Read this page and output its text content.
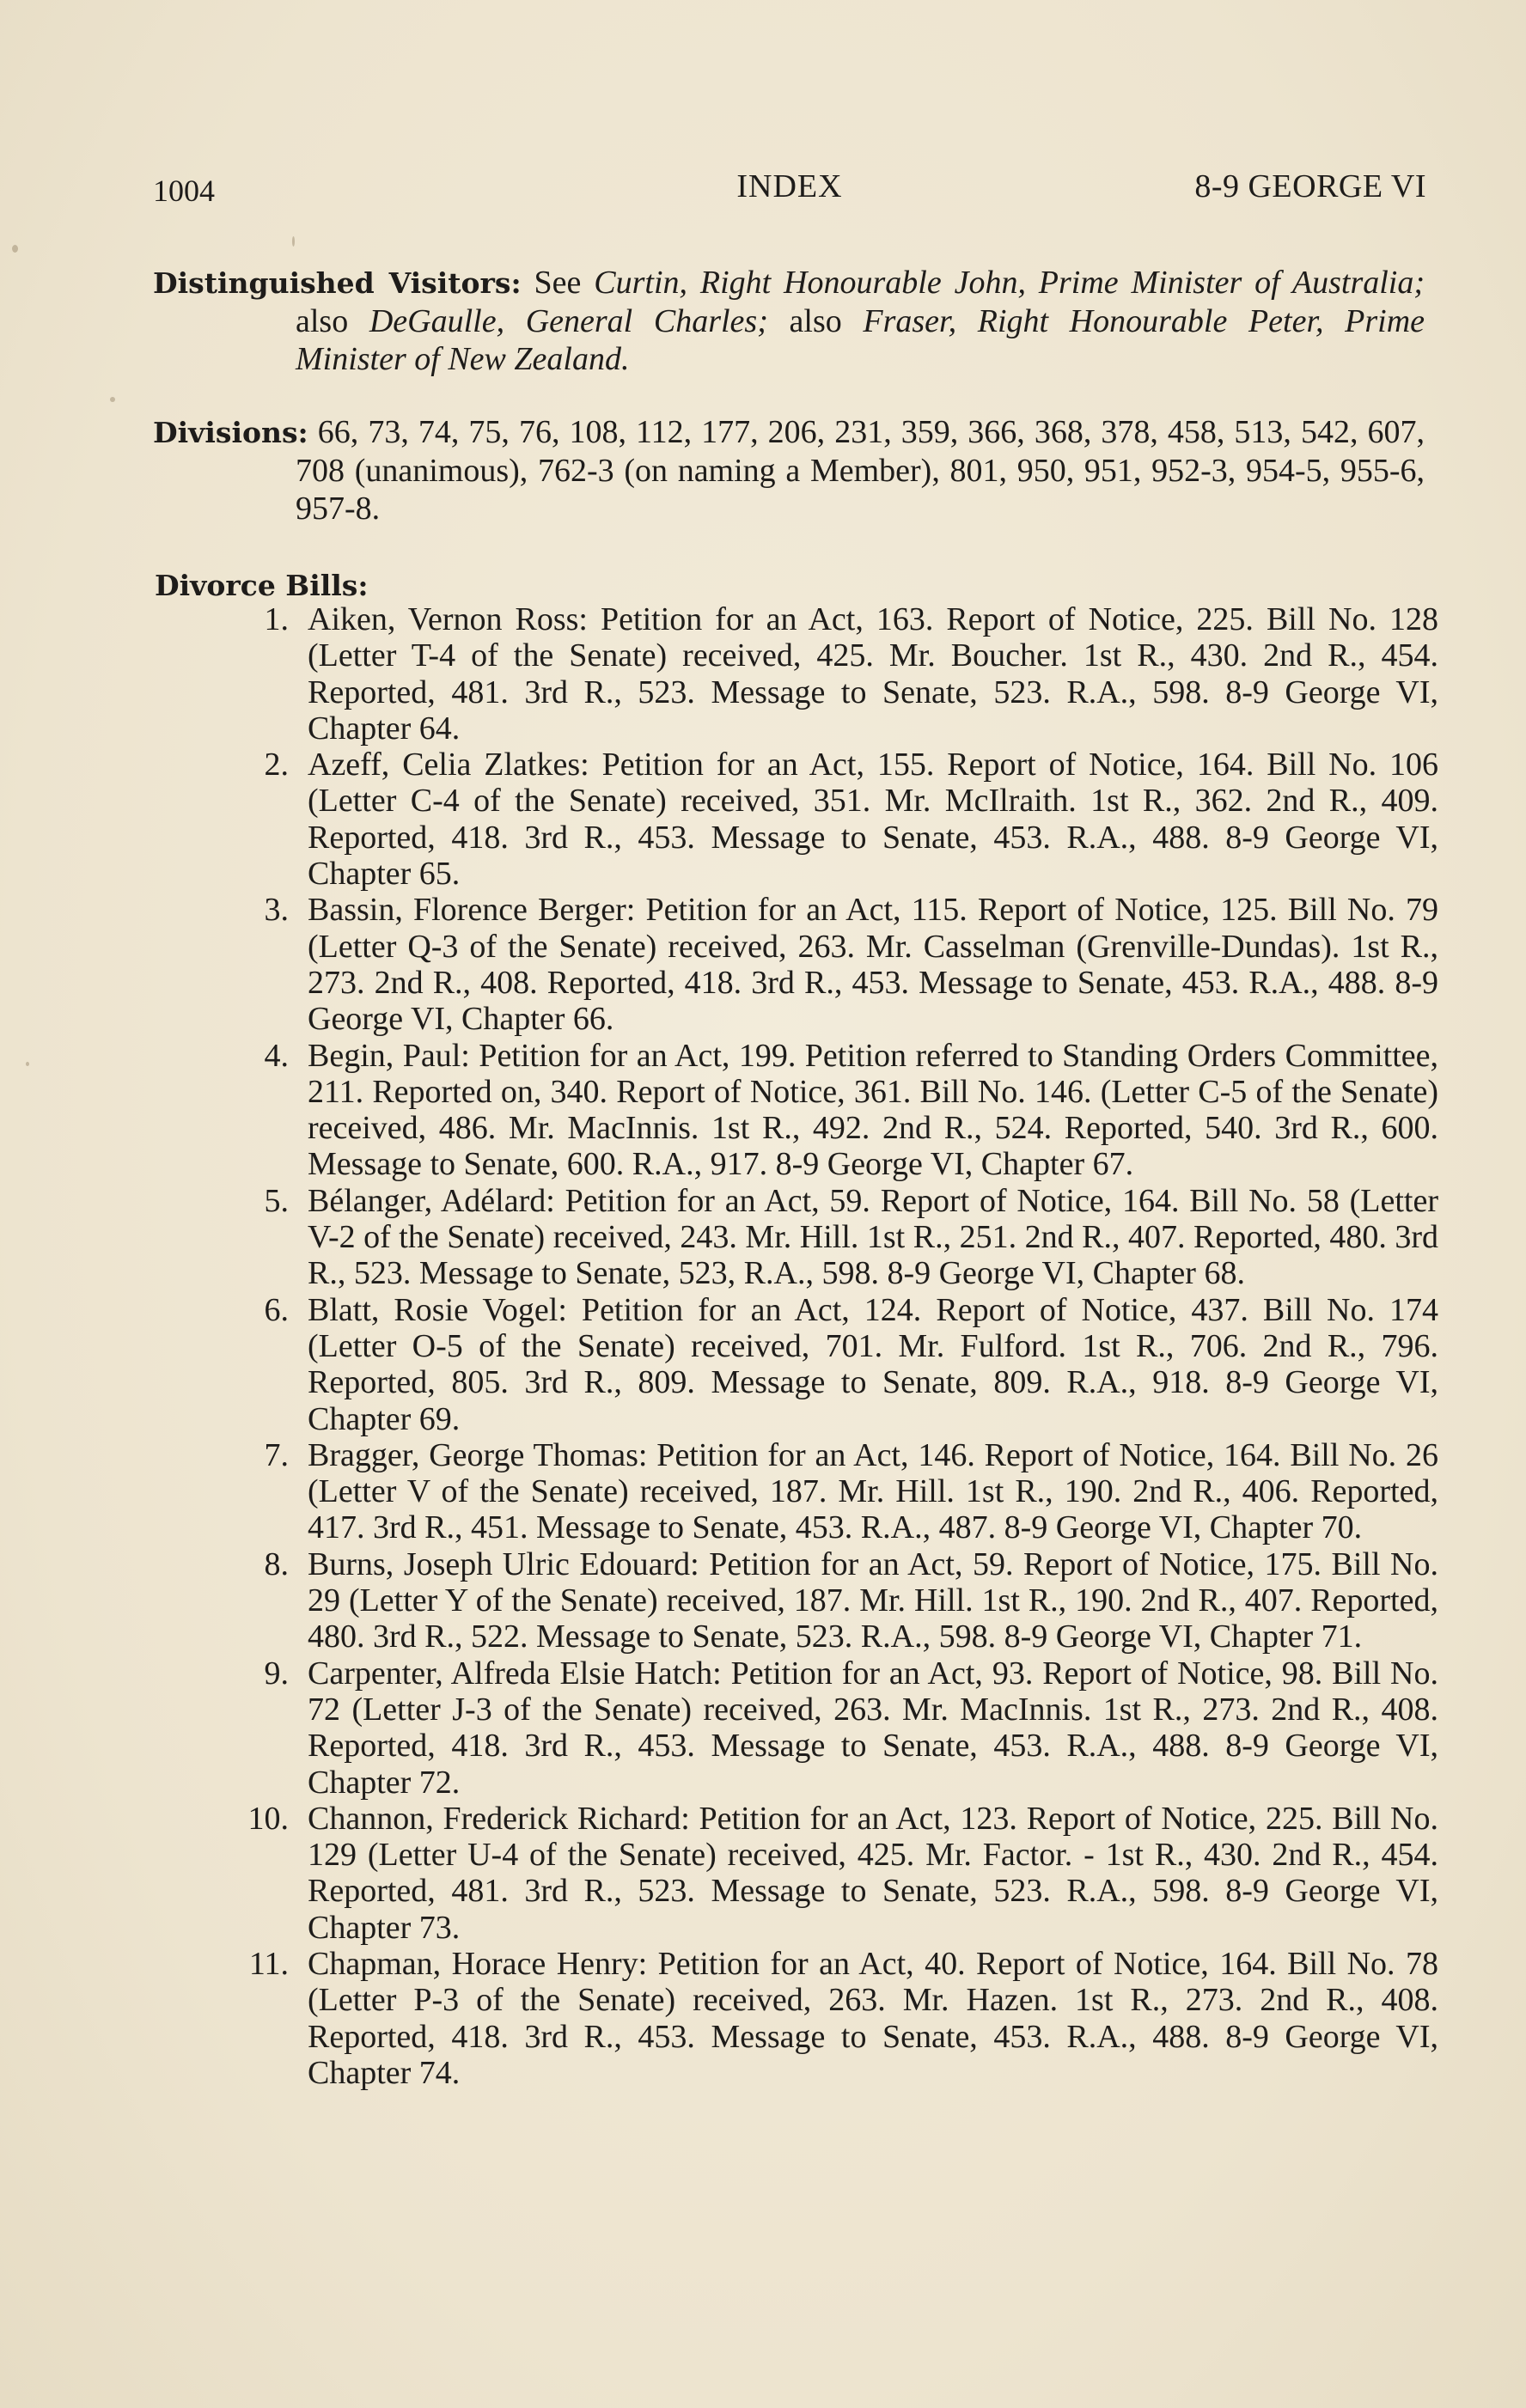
1004	INDEX	8-9 GEORGE VI

Distinguished Visitors: See Curtin, Right Honourable John, Prime Minister of Australia; also DeGaulle, General Charles; also Fraser, Right Honourable Peter, Prime Minister of New Zealand.

Divisions: 66, 73, 74, 75, 76, 108, 112, 177, 206, 231, 359, 366, 368, 378, 458, 513, 542, 607, 708 (unanimous), 762-3 (on naming a Member), 801, 950, 951, 952-3, 954-5, 955-6, 957-8.

Divorce Bills:

1. Aiken, Vernon Ross: Petition for an Act, 163. Report of Notice, 225. Bill No. 128 (Letter T-4 of the Senate) received, 425. Mr. Boucher. 1st R., 430. 2nd R., 454. Reported, 481. 3rd R., 523. Message to Senate, 523. R.A., 598. 8-9 George VI, Chapter 64.

2. Azeff, Celia Zlatkes: Petition for an Act, 155. Report of Notice, 164. Bill No. 106 (Letter C-4 of the Senate) received, 351. Mr. McIlraith. 1st R., 362. 2nd R., 409. Reported, 418. 3rd R., 453. Message to Senate, 453. R.A., 488. 8-9 George VI, Chapter 65.

3. Bassin, Florence Berger: Petition for an Act, 115. Report of Notice, 125. Bill No. 79 (Letter Q-3 of the Senate) received, 263. Mr. Casselman (Grenville-Dundas). 1st R., 273. 2nd R., 408. Reported, 418. 3rd R., 453. Message to Senate, 453. R.A., 488. 8-9 George VI, Chapter 66.

4. Begin, Paul: Petition for an Act, 199. Petition referred to Standing Orders Committee, 211. Reported on, 340. Report of Notice, 361. Bill No. 146. (Letter C-5 of the Senate) received, 486. Mr. MacInnis. 1st R., 492. 2nd R., 524. Reported, 540. 3rd R., 600. Message to Senate, 600. R.A., 917. 8-9 George VI, Chapter 67.

5. Bélanger, Adélard: Petition for an Act, 59. Report of Notice, 164. Bill No. 58 (Letter V-2 of the Senate) received, 243. Mr. Hill. 1st R., 251. 2nd R., 407. Reported, 480. 3rd R., 523. Message to Senate, 523, R.A., 598. 8-9 George VI, Chapter 68.

6. Blatt, Rosie Vogel: Petition for an Act, 124. Report of Notice, 437. Bill No. 174 (Letter O-5 of the Senate) received, 701. Mr. Fulford. 1st R., 706. 2nd R., 796. Reported, 805. 3rd R., 809. Message to Senate, 809. R.A., 918. 8-9 George VI, Chapter 69.

7. Bragger, George Thomas: Petition for an Act, 146. Report of Notice, 164. Bill No. 26 (Letter V of the Senate) received, 187. Mr. Hill. 1st R., 190. 2nd R., 406. Reported, 417. 3rd R., 451. Message to Senate, 453. R.A., 487. 8-9 George VI, Chapter 70.

8. Burns, Joseph Ulric Edouard: Petition for an Act, 59. Report of Notice, 175. Bill No. 29 (Letter Y of the Senate) received, 187. Mr. Hill. 1st R., 190. 2nd R., 407. Reported, 480. 3rd R., 522. Message to Senate, 523. R.A., 598. 8-9 George VI, Chapter 71.

9. Carpenter, Alfreda Elsie Hatch: Petition for an Act, 93. Report of Notice, 98. Bill No. 72 (Letter J-3 of the Senate) received, 263. Mr. MacInnis. 1st R., 273. 2nd R., 408. Reported, 418. 3rd R., 453. Message to Senate, 453. R.A., 488. 8-9 George VI, Chapter 72.

10. Channon, Frederick Richard: Petition for an Act, 123. Report of Notice, 225. Bill No. 129 (Letter U-4 of the Senate) received, 425. Mr. Factor. - 1st R., 430. 2nd R., 454. Reported, 481. 3rd R., 523. Message to Senate, 523. R.A., 598. 8-9 George VI, Chapter 73.

11. Chapman, Horace Henry: Petition for an Act, 40. Report of Notice, 164. Bill No. 78 (Letter P-3 of the Senate) received, 263. Mr. Hazen. 1st R., 273. 2nd R., 408. Reported, 418. 3rd R., 453. Message to Senate, 453. R.A., 488. 8-9 George VI, Chapter 74.
